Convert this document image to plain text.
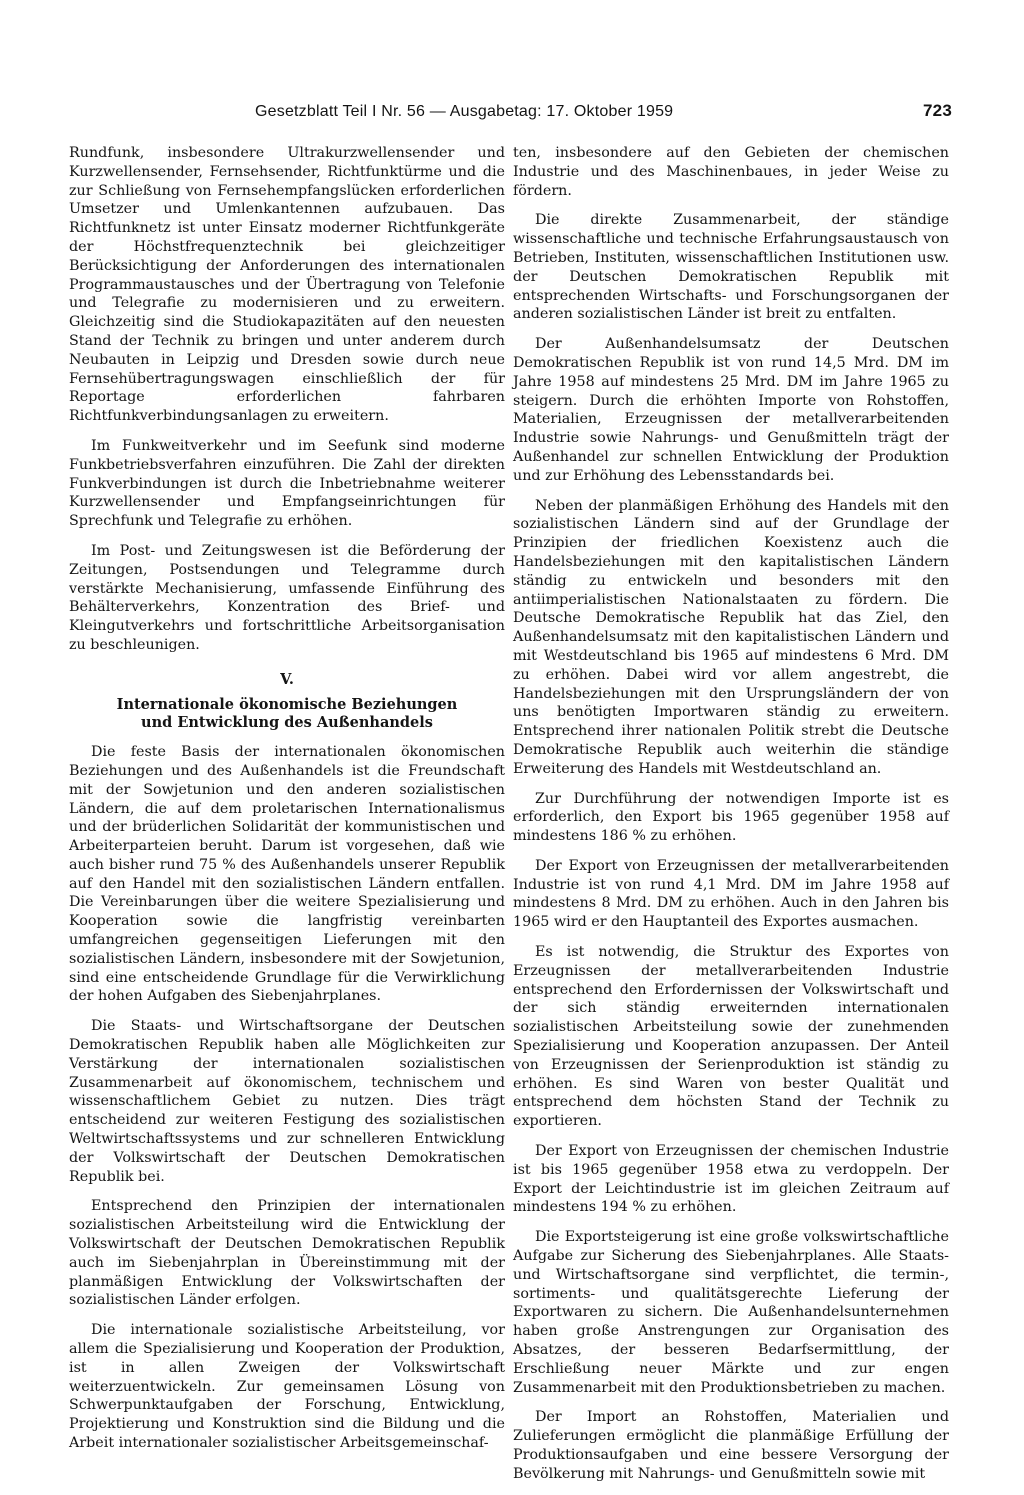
Gesetzblatt Teil I Nr. 56 — Ausgabetag: 17. Oktober 1959	723

Rundfunk, insbesondere Ultrakurzwellensender und Kurzwellensender, Fernsehsender, Richtfunktürme und die zur Schließung von Fernsehempfangslücken erforderlichen Umsetzer und Umlenkantennen aufzubauen. Das Richtfunknetz ist unter Einsatz moderner Richtfunkgeräte der Höchstfrequenztechnik bei gleichzeitiger Berücksichtigung der Anforderungen des internationalen Programmaustausches und der Übertragung von Telefonie und Telegrafie zu modernisieren und zu erweitern. Gleichzeitig sind die Studiokapazitäten auf den neuesten Stand der Technik zu bringen und unter anderem durch Neubauten in Leipzig und Dresden sowie durch neue Fernsehübertragungswagen einschließlich der für Reportage erforderlichen fahrbaren Richtfunkverbindungsanlagen zu erweitern.

Im Funkweitverkehr und im Seefunk sind moderne Funkbetriebsverfahren einzuführen. Die Zahl der direkten Funkverbindungen ist durch die Inbetriebnahme weiterer Kurzwellensender und Empfangseinrichtungen für Sprechfunk und Telegrafie zu erhöhen.

Im Post- und Zeitungswesen ist die Beförderung der Zeitungen, Postsendungen und Telegramme durch verstärkte Mechanisierung, umfassende Einführung des Behälterverkehrs, Konzentration des Brief- und Kleingutverkehrs und fortschrittliche Arbeitsorganisation zu beschleunigen.

V.
Internationale ökonomische Beziehungen
und Entwicklung des Außenhandels

Die feste Basis der internationalen ökonomischen Beziehungen und des Außenhandels ist die Freundschaft mit der Sowjetunion und den anderen sozialistischen Ländern, die auf dem proletarischen Internationalismus und der brüderlichen Solidarität der kommunistischen und Arbeiterparteien beruht. Darum ist vorgesehen, daß wie auch bisher rund 75 % des Außenhandels unserer Republik auf den Handel mit den sozialistischen Ländern entfallen. Die Vereinbarungen über die weitere Spezialisierung und Kooperation sowie die langfristig vereinbarten umfangreichen gegenseitigen Lieferungen mit den sozialistischen Ländern, insbesondere mit der Sowjetunion, sind eine entscheidende Grundlage für die Verwirklichung der hohen Aufgaben des Siebenjahrplanes.

Die Staats- und Wirtschaftsorgane der Deutschen Demokratischen Republik haben alle Möglichkeiten zur Verstärkung der internationalen sozialistischen Zusammenarbeit auf ökonomischem, technischem und wissenschaftlichem Gebiet zu nutzen. Dies trägt entscheidend zur weiteren Festigung des sozialistischen Weltwirtschaftssystems und zur schnelleren Entwicklung der Volkswirtschaft der Deutschen Demokratischen Republik bei.

Entsprechend den Prinzipien der internationalen sozialistischen Arbeitsteilung wird die Entwicklung der Volkswirtschaft der Deutschen Demokratischen Republik auch im Siebenjahrplan in Übereinstimmung mit der planmäßigen Entwicklung der Volkswirtschaften der sozialistischen Länder erfolgen.

Die internationale sozialistische Arbeitsteilung, vor allem die Spezialisierung und Kooperation der Produktion, ist in allen Zweigen der Volkswirtschaft weiterzuentwickeln. Zur gemeinsamen Lösung von Schwerpunktaufgaben der Forschung, Entwicklung, Projektierung und Konstruktion sind die Bildung und die Arbeit internationaler sozialistischer Arbeitsgemeinschaf-

ten, insbesondere auf den Gebieten der chemischen Industrie und des Maschinenbaues, in jeder Weise zu fördern.

Die direkte Zusammenarbeit, der ständige wissenschaftliche und technische Erfahrungsaustausch von Betrieben, Instituten, wissenschaftlichen Institutionen usw. der Deutschen Demokratischen Republik mit entsprechenden Wirtschafts- und Forschungsorganen der anderen sozialistischen Länder ist breit zu entfalten.

Der Außenhandelsumsatz der Deutschen Demokratischen Republik ist von rund 14,5 Mrd. DM im Jahre 1958 auf mindestens 25 Mrd. DM im Jahre 1965 zu steigern. Durch die erhöhten Importe von Rohstoffen, Materialien, Erzeugnissen der metallverarbeitenden Industrie sowie Nahrungs- und Genußmitteln trägt der Außenhandel zur schnellen Entwicklung der Produktion und zur Erhöhung des Lebensstandards bei.

Neben der planmäßigen Erhöhung des Handels mit den sozialistischen Ländern sind auf der Grundlage der Prinzipien der friedlichen Koexistenz auch die Handelsbeziehungen mit den kapitalistischen Ländern ständig zu entwickeln und besonders mit den antiimperialistischen Nationalstaaten zu fördern. Die Deutsche Demokratische Republik hat das Ziel, den Außenhandelsumsatz mit den kapitalistischen Ländern und mit Westdeutschland bis 1965 auf mindestens 6 Mrd. DM zu erhöhen. Dabei wird vor allem angestrebt, die Handelsbeziehungen mit den Ursprungsländern der von uns benötigten Importwaren ständig zu erweitern. Entsprechend ihrer nationalen Politik strebt die Deutsche Demokratische Republik auch weiterhin die ständige Erweiterung des Handels mit Westdeutschland an.

Zur Durchführung der notwendigen Importe ist es erforderlich, den Export bis 1965 gegenüber 1958 auf mindestens 186 % zu erhöhen.

Der Export von Erzeugnissen der metallverarbeitenden Industrie ist von rund 4,1 Mrd. DM im Jahre 1958 auf mindestens 8 Mrd. DM zu erhöhen. Auch in den Jahren bis 1965 wird er den Hauptanteil des Exportes ausmachen.

Es ist notwendig, die Struktur des Exportes von Erzeugnissen der metallverarbeitenden Industrie entsprechend den Erfordernissen der Volkswirtschaft und der sich ständig erweiternden internationalen sozialistischen Arbeitsteilung sowie der zunehmenden Spezialisierung und Kooperation anzupassen. Der Anteil von Erzeugnissen der Serienproduktion ist ständig zu erhöhen. Es sind Waren von bester Qualität und entsprechend dem höchsten Stand der Technik zu exportieren.

Der Export von Erzeugnissen der chemischen Industrie ist bis 1965 gegenüber 1958 etwa zu verdoppeln. Der Export der Leichtindustrie ist im gleichen Zeitraum auf mindestens 194 % zu erhöhen.

Die Exportsteigerung ist eine große volkswirtschaftliche Aufgabe zur Sicherung des Siebenjahrplanes. Alle Staats- und Wirtschaftsorgane sind verpflichtet, die termin-, sortiments- und qualitätsgerechte Lieferung der Exportwaren zu sichern. Die Außenhandelsunternehmen haben große Anstrengungen zur Organisation des Absatzes, der besseren Bedarfsermittlung, der Erschließung neuer Märkte und zur engen Zusammenarbeit mit den Produktionsbetrieben zu machen.

Der Import an Rohstoffen, Materialien und Zulieferungen ermöglicht die planmäßige Erfüllung der Produktionsaufgaben und eine bessere Versorgung der Bevölkerung mit Nahrungs- und Genußmitteln sowie mit
